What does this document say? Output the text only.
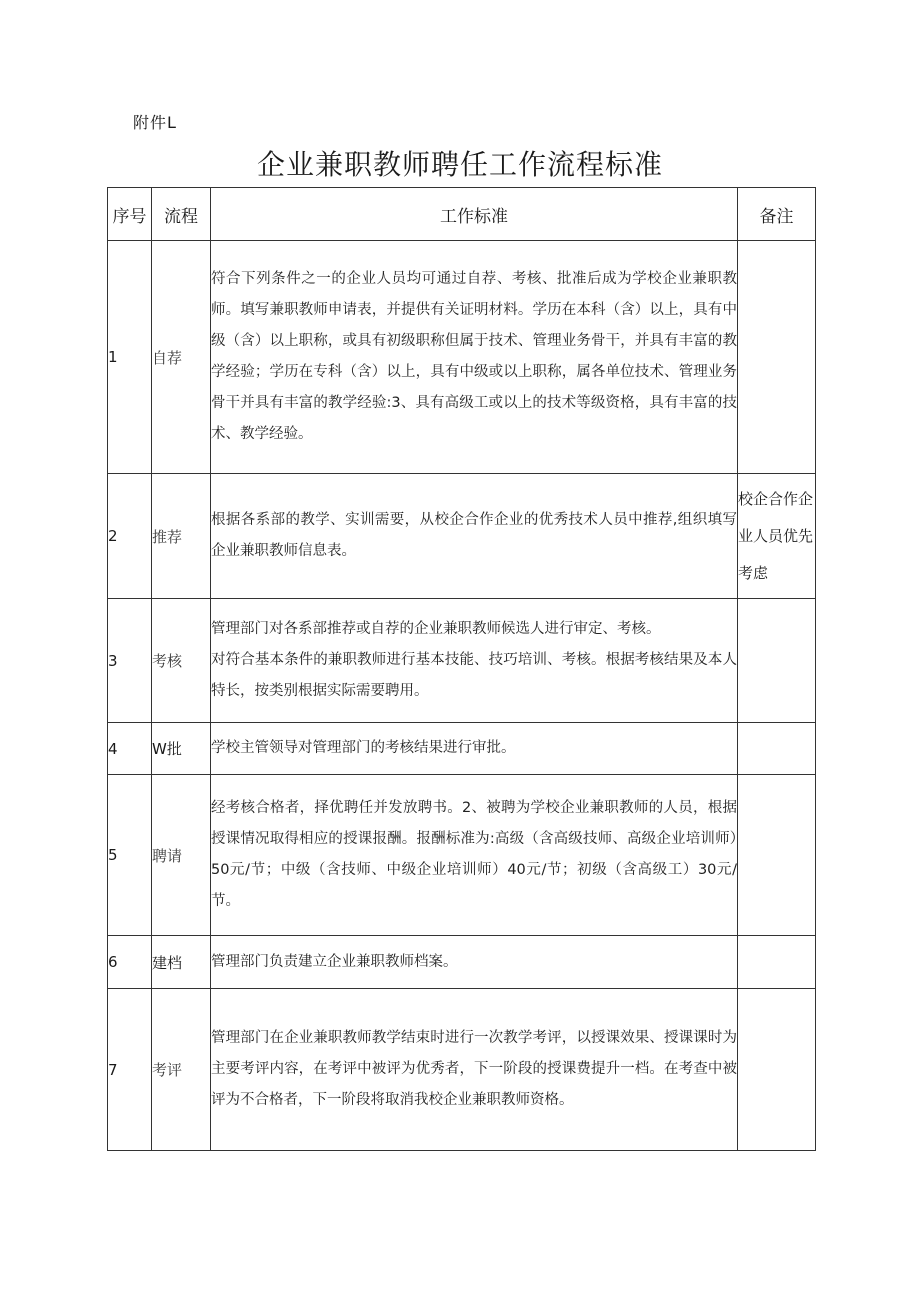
附件L
企业兼职教师聘任工作流程标准
序号	流程	工作标准	备注
1	自荐	符合下列条件之一的企业人员均可通过自荐、考核、批准后成为学校企业兼职教师。填写兼职教师申请表，并提供有关证明材料。学历在本科（含）以上，具有中级（含）以上职称，或具有初级职称但属于技术、管理业务骨干，并具有丰富的教学经验；学历在专科（含）以上，具有中级或以上职称，属各单位技术、管理业务骨干并具有丰富的教学经验:3、具有高级工或以上的技术等级资格，具有丰富的技术、教学经验。	

2	推荐	根据各系部的教学、实训需要，从校企合作企业的优秀技术人员中推荐,组织填写企业兼职教师信息表。	校企合作企业人员优先考虑
3	考核	管理部门对各系部推荐或自荐的企业兼职教师候选人进行审定、考核。

对符合基本条件的兼职教师进行基本技能、技巧培训、考核。根据考核结果及本人特长，按类别根据实际需要聘用。	

4	W批	学校主管领导对管理部门的考核结果进行审批。	

5	聘请	经考核合格者，择优聘任并发放聘书。2、被聘为学校企业兼职教师的人员，根据授课情况取得相应的授课报酬。报酬标准为:高级（含高级技师、高级企业培训师）50元/节；中级（含技师、中级企业培训师）40元/节；初级（含高级工）30元/节。	

6	建档	管理部门负责建立企业兼职教师档案。	

7	考评	管理部门在企业兼职教师教学结束时进行一次教学考评，以授课效果、授课课时为主要考评内容，在考评中被评为优秀者，下一阶段的授课费提升一档。在考查中被评为不合格者，下一阶段将取消我校企业兼职教师资格。	
